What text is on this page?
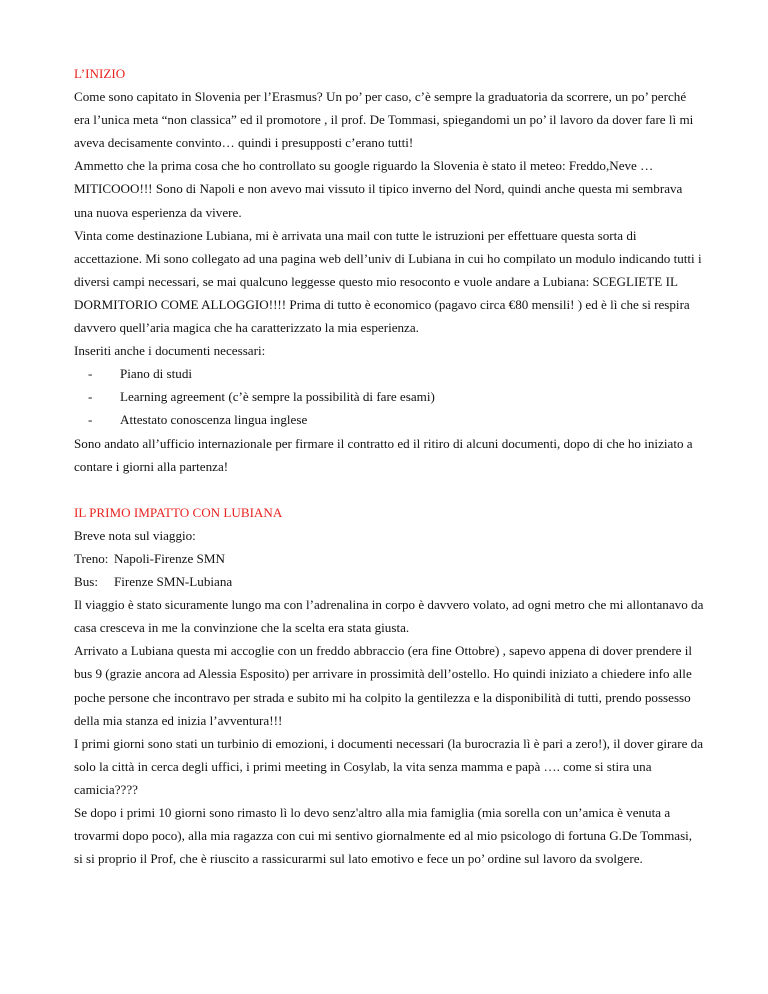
L’INIZIO

Come sono capitato in Slovenia per l’Erasmus? Un po’ per caso, c’è sempre la graduatoria da scorrere, un po’ perché era l’unica meta “non classica” ed il promotore , il prof. De Tommasi, spiegandomi un po’ il lavoro da dover fare lì mi aveva decisamente convinto… quindi i presupposti c’erano tutti!

Ammetto che la prima cosa che ho controllato su google riguardo la Slovenia è stato il meteo: Freddo,Neve … MITICOOO!!! Sono di Napoli e non avevo mai vissuto il tipico inverno del Nord, quindi anche questa mi sembrava una nuova esperienza da vivere.

Vinta come destinazione Lubiana, mi è arrivata una mail con tutte le istruzioni per effettuare questa sorta di accettazione. Mi sono collegato ad una pagina web dell’univ di Lubiana in cui ho compilato un modulo indicando tutti i diversi campi necessari, se mai qualcuno leggesse questo mio resoconto e vuole andare a Lubiana: SCEGLIETE IL DORMITORIO COME ALLOGGIO!!!! Prima di tutto è economico (pagavo circa €80 mensili! ) ed è lì che si respira davvero quell’aria magica che ha caratterizzato la mia esperienza.

Inseriti anche i documenti necessari:

-	Piano di studi
-	Learning agreement (c’è sempre la possibilità di fare esami)
-	Attestato conoscenza lingua inglese

Sono andato all’ufficio internazionale per firmare il contratto ed il ritiro di alcuni documenti, dopo di che ho iniziato a contare i giorni alla partenza!

IL PRIMO IMPATTO CON LUBIANA

Breve nota sul viaggio:

Treno: Napoli-Firenze SMN
Bus:	Firenze SMN-Lubiana

Il viaggio è stato sicuramente lungo ma con l’adrenalina in corpo è davvero volato, ad ogni metro che mi allontanavo da casa cresceva in me la convinzione che la scelta era stata giusta.

Arrivato a Lubiana questa mi accoglie con un freddo abbraccio (era fine Ottobre) , sapevo appena di dover prendere il bus 9 (grazie ancora ad Alessia Esposito) per arrivare in prossimità dell’ostello. Ho quindi iniziato a chiedere info alle poche persone che incontravo per strada e subito mi ha colpito la gentilezza e la disponibilità di tutti, prendo possesso della mia stanza ed inizia l’avventura!!!

I primi giorni sono stati un turbinio di emozioni, i documenti necessari (la burocrazia lì è pari a zero!), il dover girare da solo la città in cerca degli uffici, i primi meeting in Cosylab, la vita senza mamma e papà …. come si stira una camicia????

Se dopo i primi 10 giorni sono rimasto lì lo devo senz'altro alla mia famiglia (mia sorella con un’amica è venuta a trovarmi dopo poco), alla mia ragazza con cui mi sentivo giornalmente ed al mio psicologo di fortuna G.De Tommasi, si si proprio il Prof, che è riuscito a rassicurarmi sul lato emotivo e fece un po’ ordine sul lavoro da svolgere.
